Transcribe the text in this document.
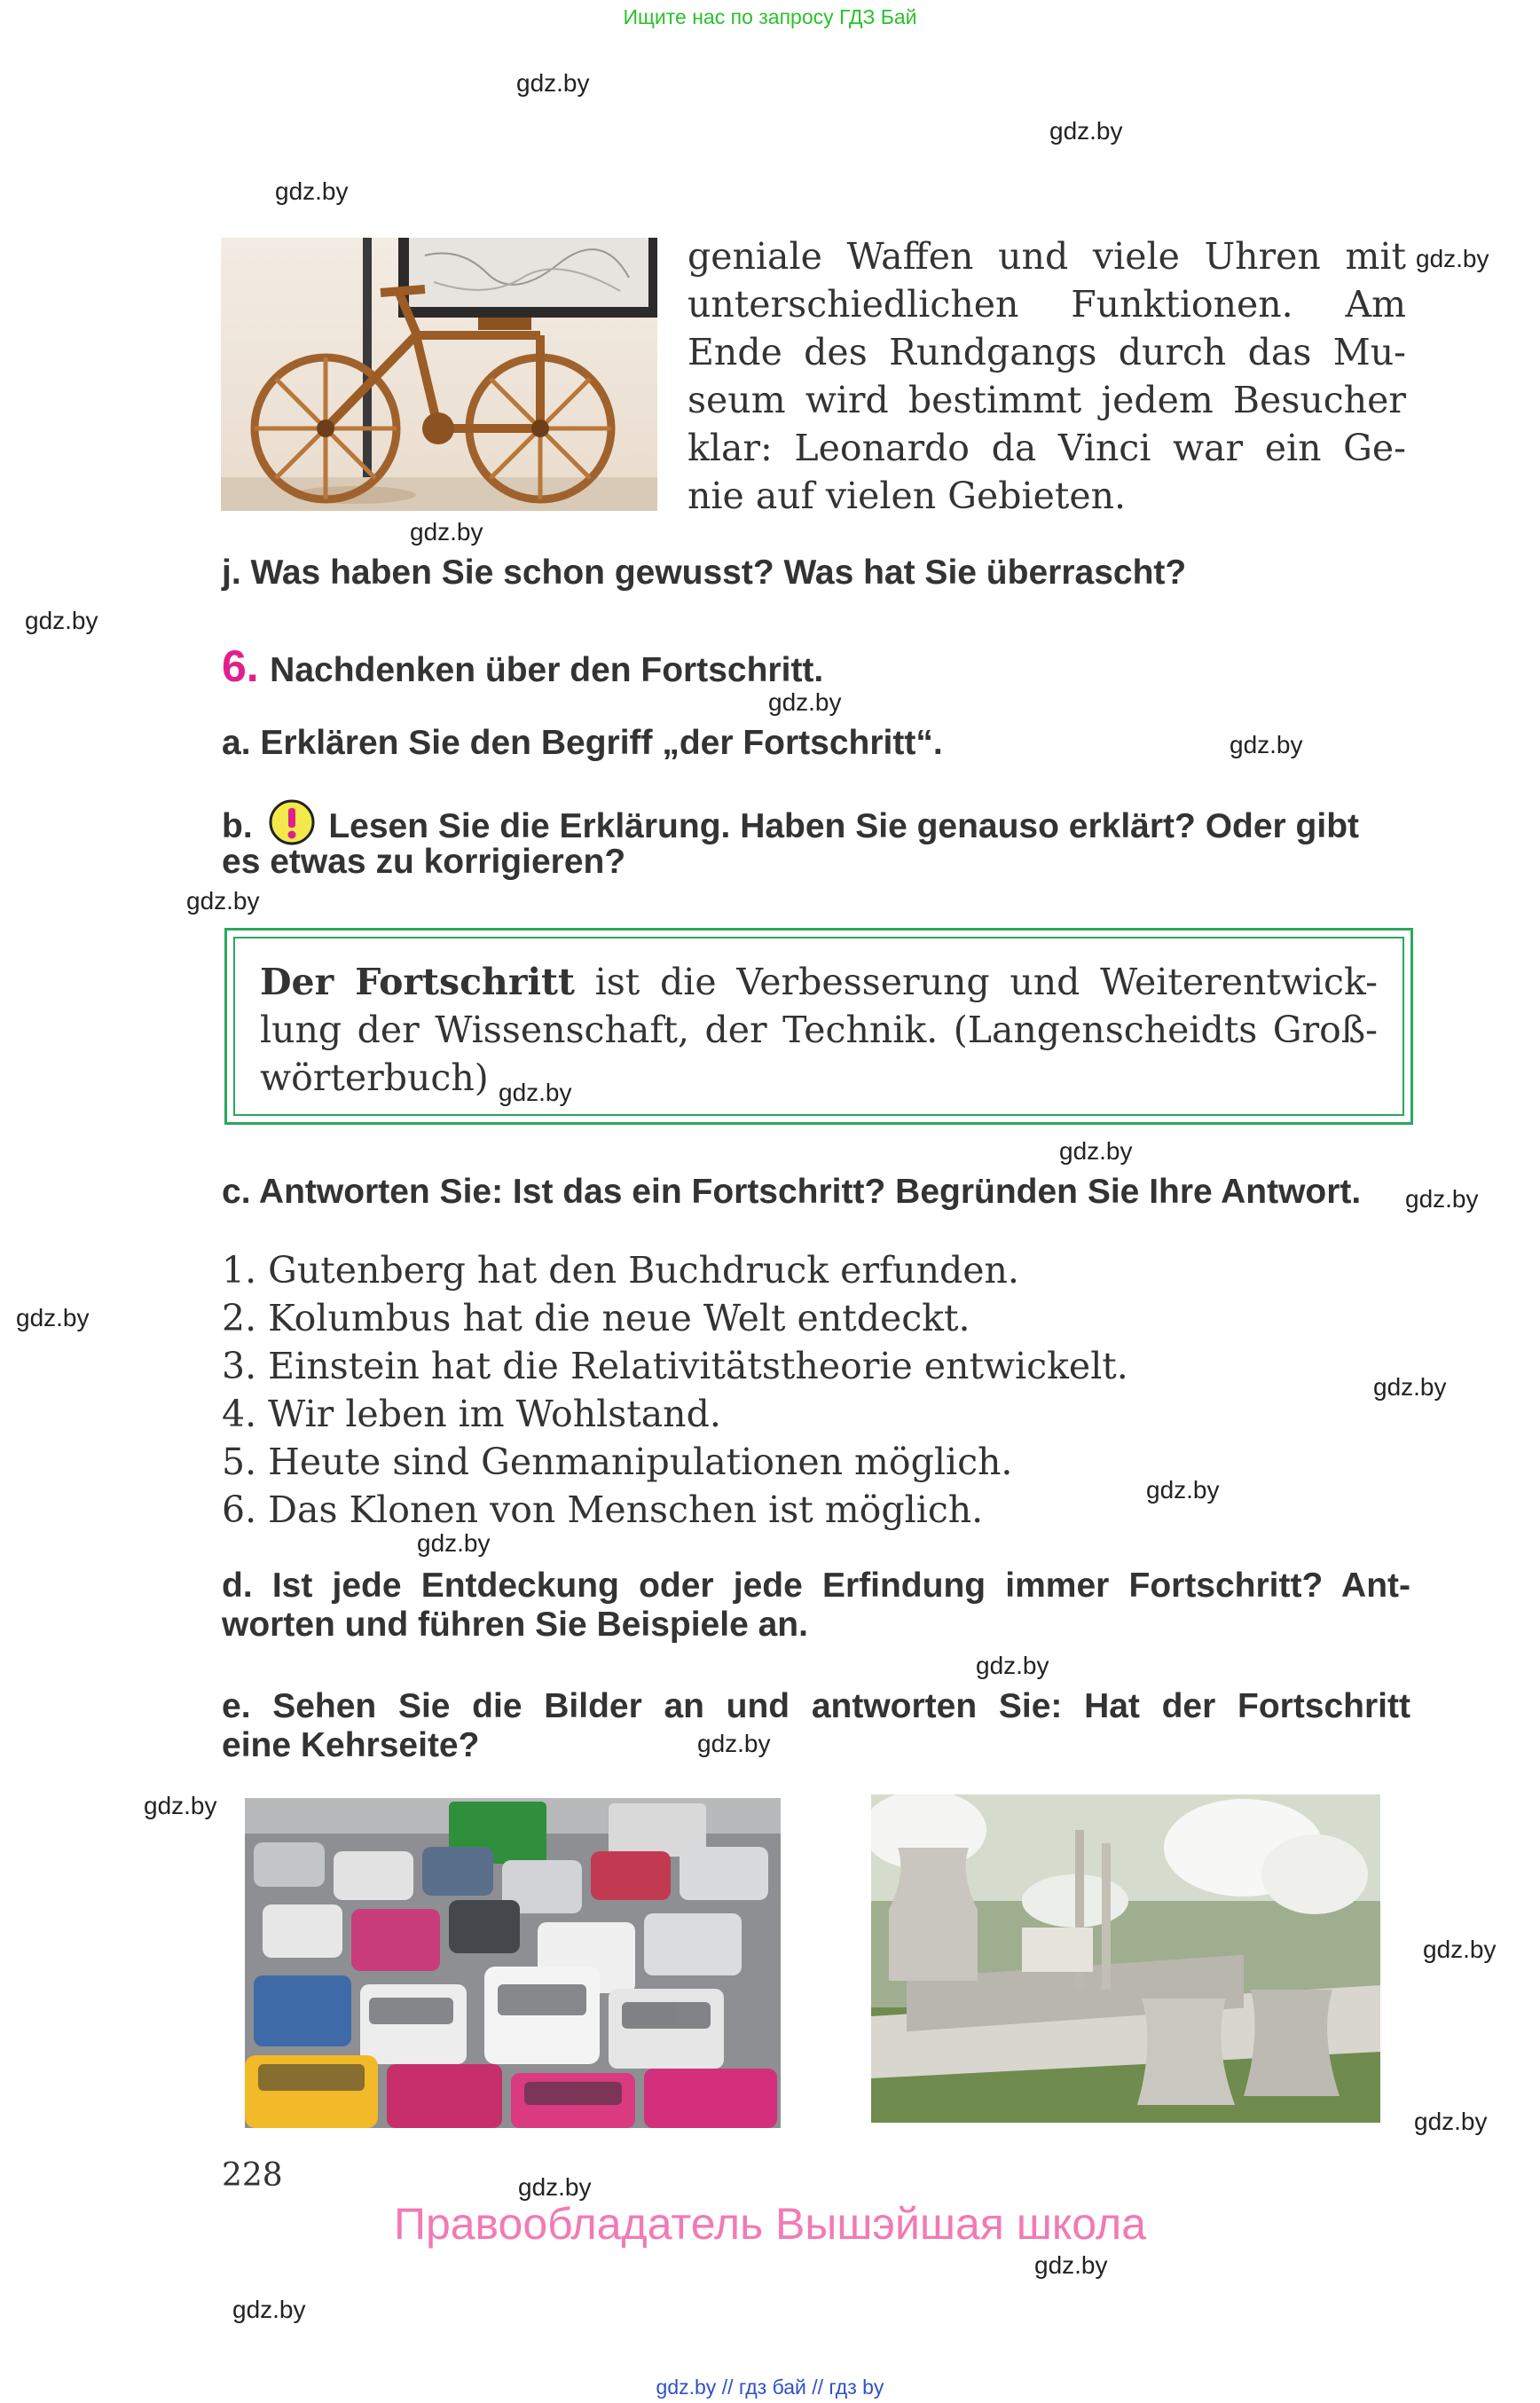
Ищите нас по запросу ГДЗ Бай
gdz.by
gdz.by
gdz.by
gdz.by
gdz.by
gdz.by
gdz.by
gdz.by
gdz.by
gdz.by
gdz.by
gdz.by
gdz.by
gdz.by
gdz.by
gdz.by
gdz.by
gdz.by
gdz.by
gdz.by
gdz.by
gdz.by
gdz.by
gdz.by
geniale Waffen und viele Uhren mit
unterschiedlichen Funktionen. Am
Ende des Rundgangs durch das Mu-
seum wird bestimmt jedem Besucher
klar: Leonardo da Vinci war ein Ge-
nie auf vielen Gebieten.
j. Was haben Sie schon gewusst? Was hat Sie überrascht?
6. Nachdenken über den Fortschritt.
a. Erklären Sie den Begriff „der Fortschritt“.
b. Lesen Sie die Erklärung. Haben Sie genauso erklärt? Oder gibt
es etwas zu korrigieren?
Der Fortschritt ist die Verbesserung und Weiterentwick-
lung der Wissenschaft, der Technik. (Langenscheidts Groß-
wörterbuch)
c. Antworten Sie: Ist das ein Fortschritt? Begründen Sie Ihre Antwort.
1. Gutenberg hat den Buchdruck erfunden.
2. Kolumbus hat die neue Welt entdeckt.
3. Einstein hat die Relativitätstheorie entwickelt.
4. Wir leben im Wohlstand.
5. Heute sind Genmanipulationen möglich.
6. Das Klonen von Menschen ist möglich.
d. Ist jede Entdeckung oder jede Erfindung immer Fortschritt? Ant-
worten und führen Sie Beispiele an.
e. Sehen Sie die Bilder an und antworten Sie: Hat der Fortschritt
eine Kehrseite?
228
Правообладатель Вышэйшая школа
gdz.by // гдз бай // гдз by
